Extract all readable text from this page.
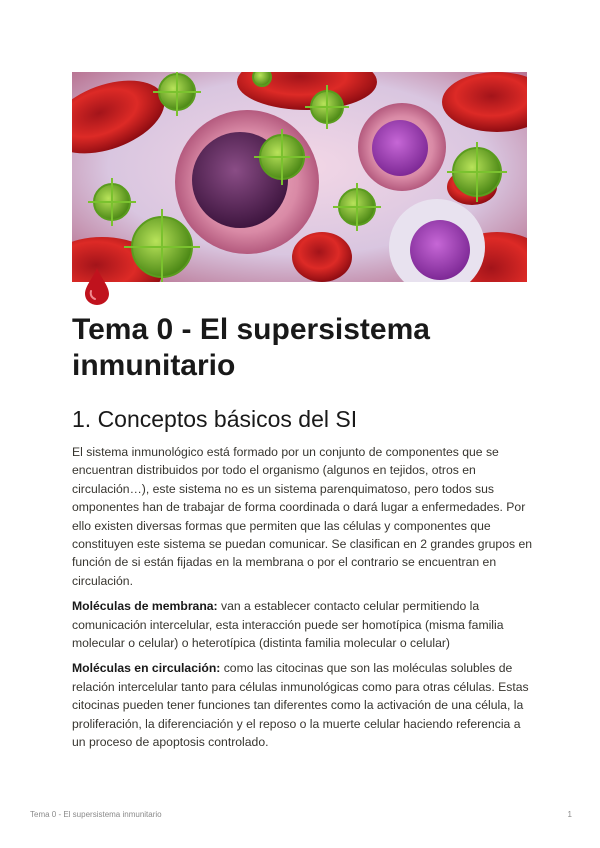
Tema 0 - El supersistema inmunitario
1. Conceptos básicos del SI

El sistema inmunológico está formado por un conjunto de componentes que se encuentran distribuidos por todo el organismo (algunos en tejidos, otros en circulación…), este sistema no es un sistema parenquimatoso, pero todos sus omponentes han de trabajar de forma coordinada o dará lugar a enfermedades. Por ello existen diversas formas que permiten que las células y componentes que constituyen este sistema se puedan comunicar. Se clasifican en 2 grandes grupos en función de si están fijadas en la membrana o por el contrario se encuentran en circulación.

Moléculas de membrana: van a establecer contacto celular permitiendo la comunicación intercelular, esta interacción puede ser homotípica (misma familia molecular o celular) o heterotípica (distinta familia molecular o celular)

Moléculas en circulación: como las citocinas que son las moléculas solubles de relación intercelular tanto para células inmunológicas como para otras células. Estas citocinas pueden tener funciones tan diferentes como la activación de una célula, la proliferación, la diferenciación y el reposo o la muerte celular haciendo referencia a un proceso de apoptosis controlado.

Tema 0 - El supersistema inmunitario	1
